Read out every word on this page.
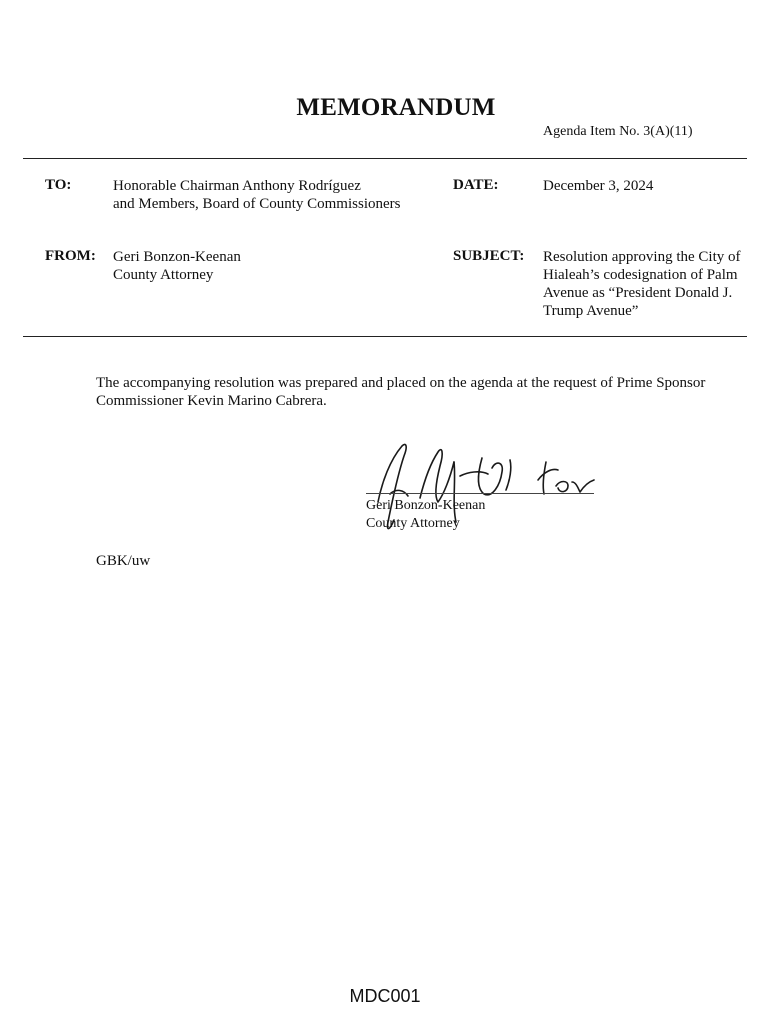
MEMORANDUM
Agenda Item No. 3(A)(11)
TO:	Honorable Chairman Anthony Rodríguez
and Members, Board of County Commissioners
DATE:	December 3, 2024
FROM: Geri Bonzon-Keenan
County Attorney
SUBJECT: Resolution approving the City of
Hialeah’s codesignation of Palm
Avenue as “President Donald J.
Trump Avenue”
The accompanying resolution was prepared and placed on the agenda at the request of Prime Sponsor
Commissioner Kevin Marino Cabrera.
Geri Bonzon-Keenan
County Attorney
GBK/uw
MDC001
